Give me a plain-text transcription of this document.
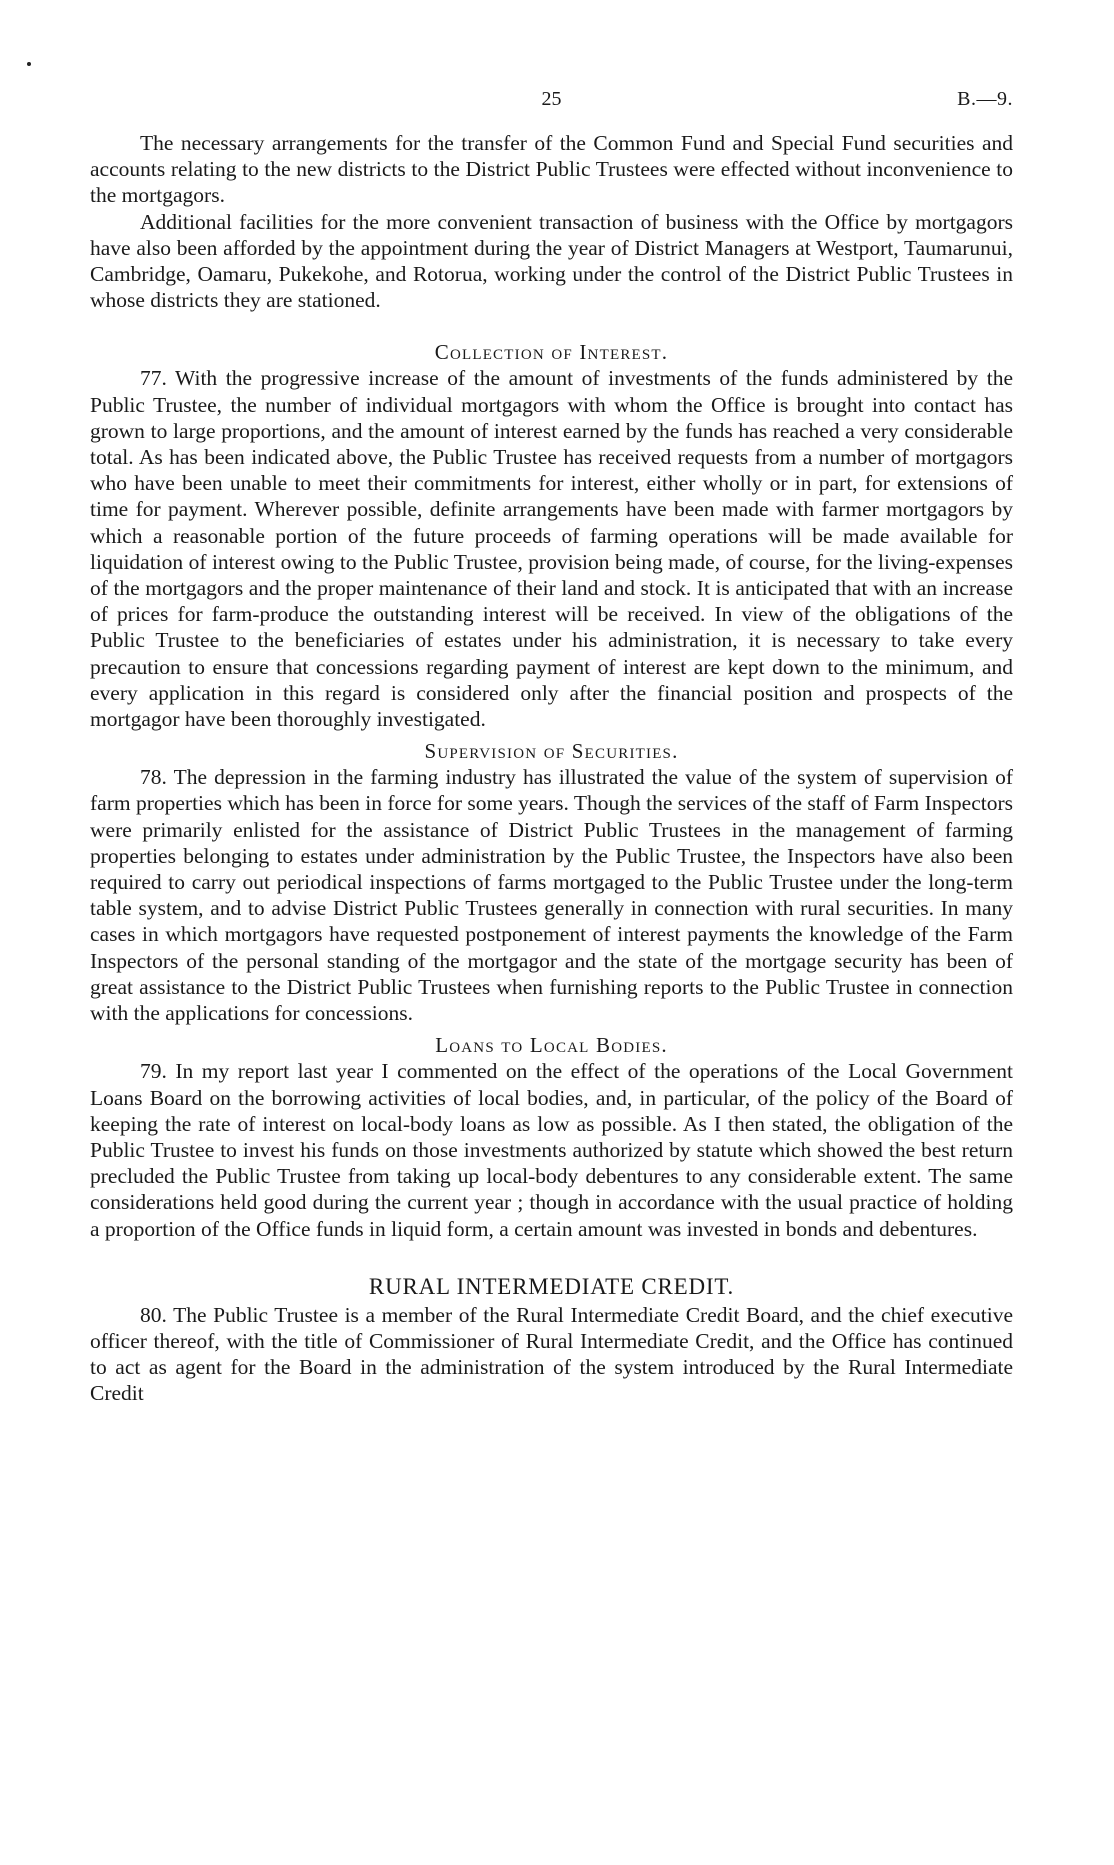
25	B.—9.

The necessary arrangements for the transfer of the Common Fund and Special Fund securities and accounts relating to the new districts to the District Public Trustees were effected without inconvenience to the mortgagors.

Additional facilities for the more convenient transaction of business with the Office by mortgagors have also been afforded by the appointment during the year of District Managers at Westport, Taumarunui, Cambridge, Oamaru, Pukekohe, and Rotorua, working under the control of the District Public Trustees in whose districts they are stationed.

Collection of Interest.

77. With the progressive increase of the amount of investments of the funds administered by the Public Trustee, the number of individual mortgagors with whom the Office is brought into contact has grown to large proportions, and the amount of interest earned by the funds has reached a very considerable total. As has been indicated above, the Public Trustee has received requests from a number of mortgagors who have been unable to meet their commitments for interest, either wholly or in part, for extensions of time for payment. Wherever possible, definite arrangements have been made with farmer mortgagors by which a reasonable portion of the future proceeds of farming operations will be made available for liquidation of interest owing to the Public Trustee, provision being made, of course, for the living-expenses of the mortgagors and the proper maintenance of their land and stock. It is anticipated that with an increase of prices for farm-produce the outstanding interest will be received. In view of the obligations of the Public Trustee to the beneficiaries of estates under his administration, it is necessary to take every precaution to ensure that concessions regarding payment of interest are kept down to the minimum, and every application in this regard is considered only after the financial position and prospects of the mortgagor have been thoroughly investigated.

Supervision of Securities.

78. The depression in the farming industry has illustrated the value of the system of supervision of farm properties which has been in force for some years. Though the services of the staff of Farm Inspectors were primarily enlisted for the assistance of District Public Trustees in the management of farming properties belonging to estates under administration by the Public Trustee, the Inspectors have also been required to carry out periodical inspections of farms mortgaged to the Public Trustee under the long-term table system, and to advise District Public Trustees generally in connection with rural securities. In many cases in which mortgagors have requested postponement of interest payments the knowledge of the Farm Inspectors of the personal standing of the mortgagor and the state of the mortgage security has been of great assistance to the District Public Trustees when furnishing reports to the Public Trustee in connection with the applications for concessions.

Loans to Local Bodies.

79. In my report last year I commented on the effect of the operations of the Local Government Loans Board on the borrowing activities of local bodies, and, in particular, of the policy of the Board of keeping the rate of interest on local-body loans as low as possible. As I then stated, the obligation of the Public Trustee to invest his funds on those investments authorized by statute which showed the best return precluded the Public Trustee from taking up local-body debentures to any considerable extent. The same considerations held good during the current year ; though in accordance with the usual practice of holding a proportion of the Office funds in liquid form, a certain amount was invested in bonds and debentures.

RURAL INTERMEDIATE CREDIT.

80. The Public Trustee is a member of the Rural Intermediate Credit Board, and the chief executive officer thereof, with the title of Commissioner of Rural Intermediate Credit, and the Office has continued to act as agent for the Board in the administration of the system introduced by the Rural Intermediate Credit
